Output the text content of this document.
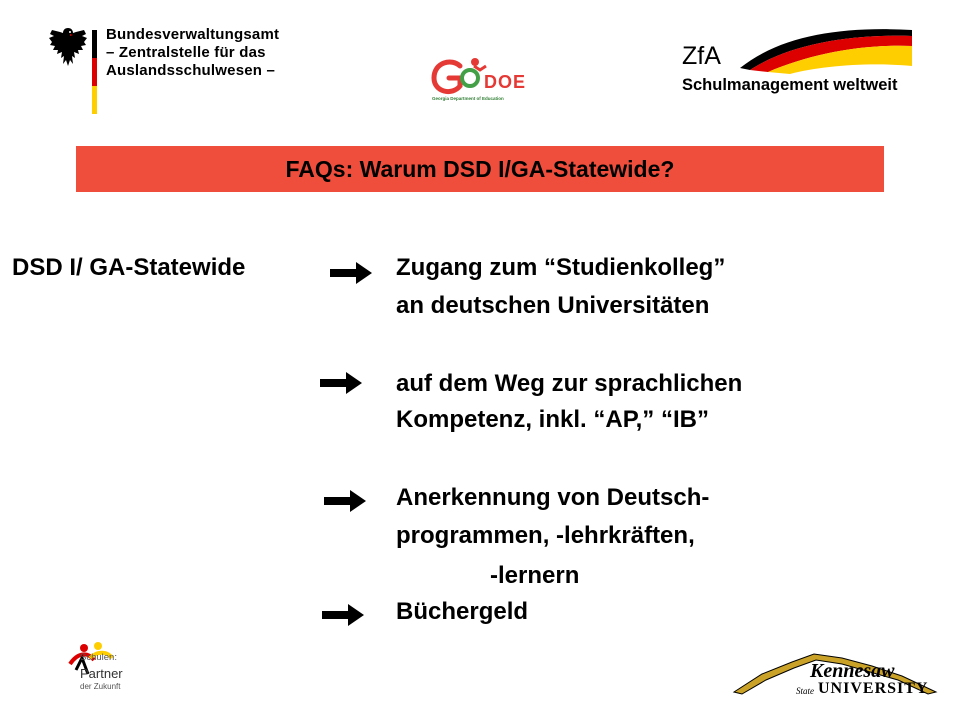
Bundesverwaltungsamt
– Zentralstelle für das
Auslandsschulwesen –
DOE
Georgia Department of Education
ZfA
Schulmanagement weltweit
FAQs: Warum DSD I/GA-Statewide?
DSD I/ GA-Statewide	Zugang zum “Studienkolleg”
an deutschen Universitäten
auf dem Weg zur sprachlichen
Kompetenz, inkl. “AP,” “IB”
Anerkennung von Deutsch-
programmen, -lehrkräften,
-lernern
Büchergeld
Schulen:
Partner
der Zukunft
Kennesaw
State UNIVERSITY
